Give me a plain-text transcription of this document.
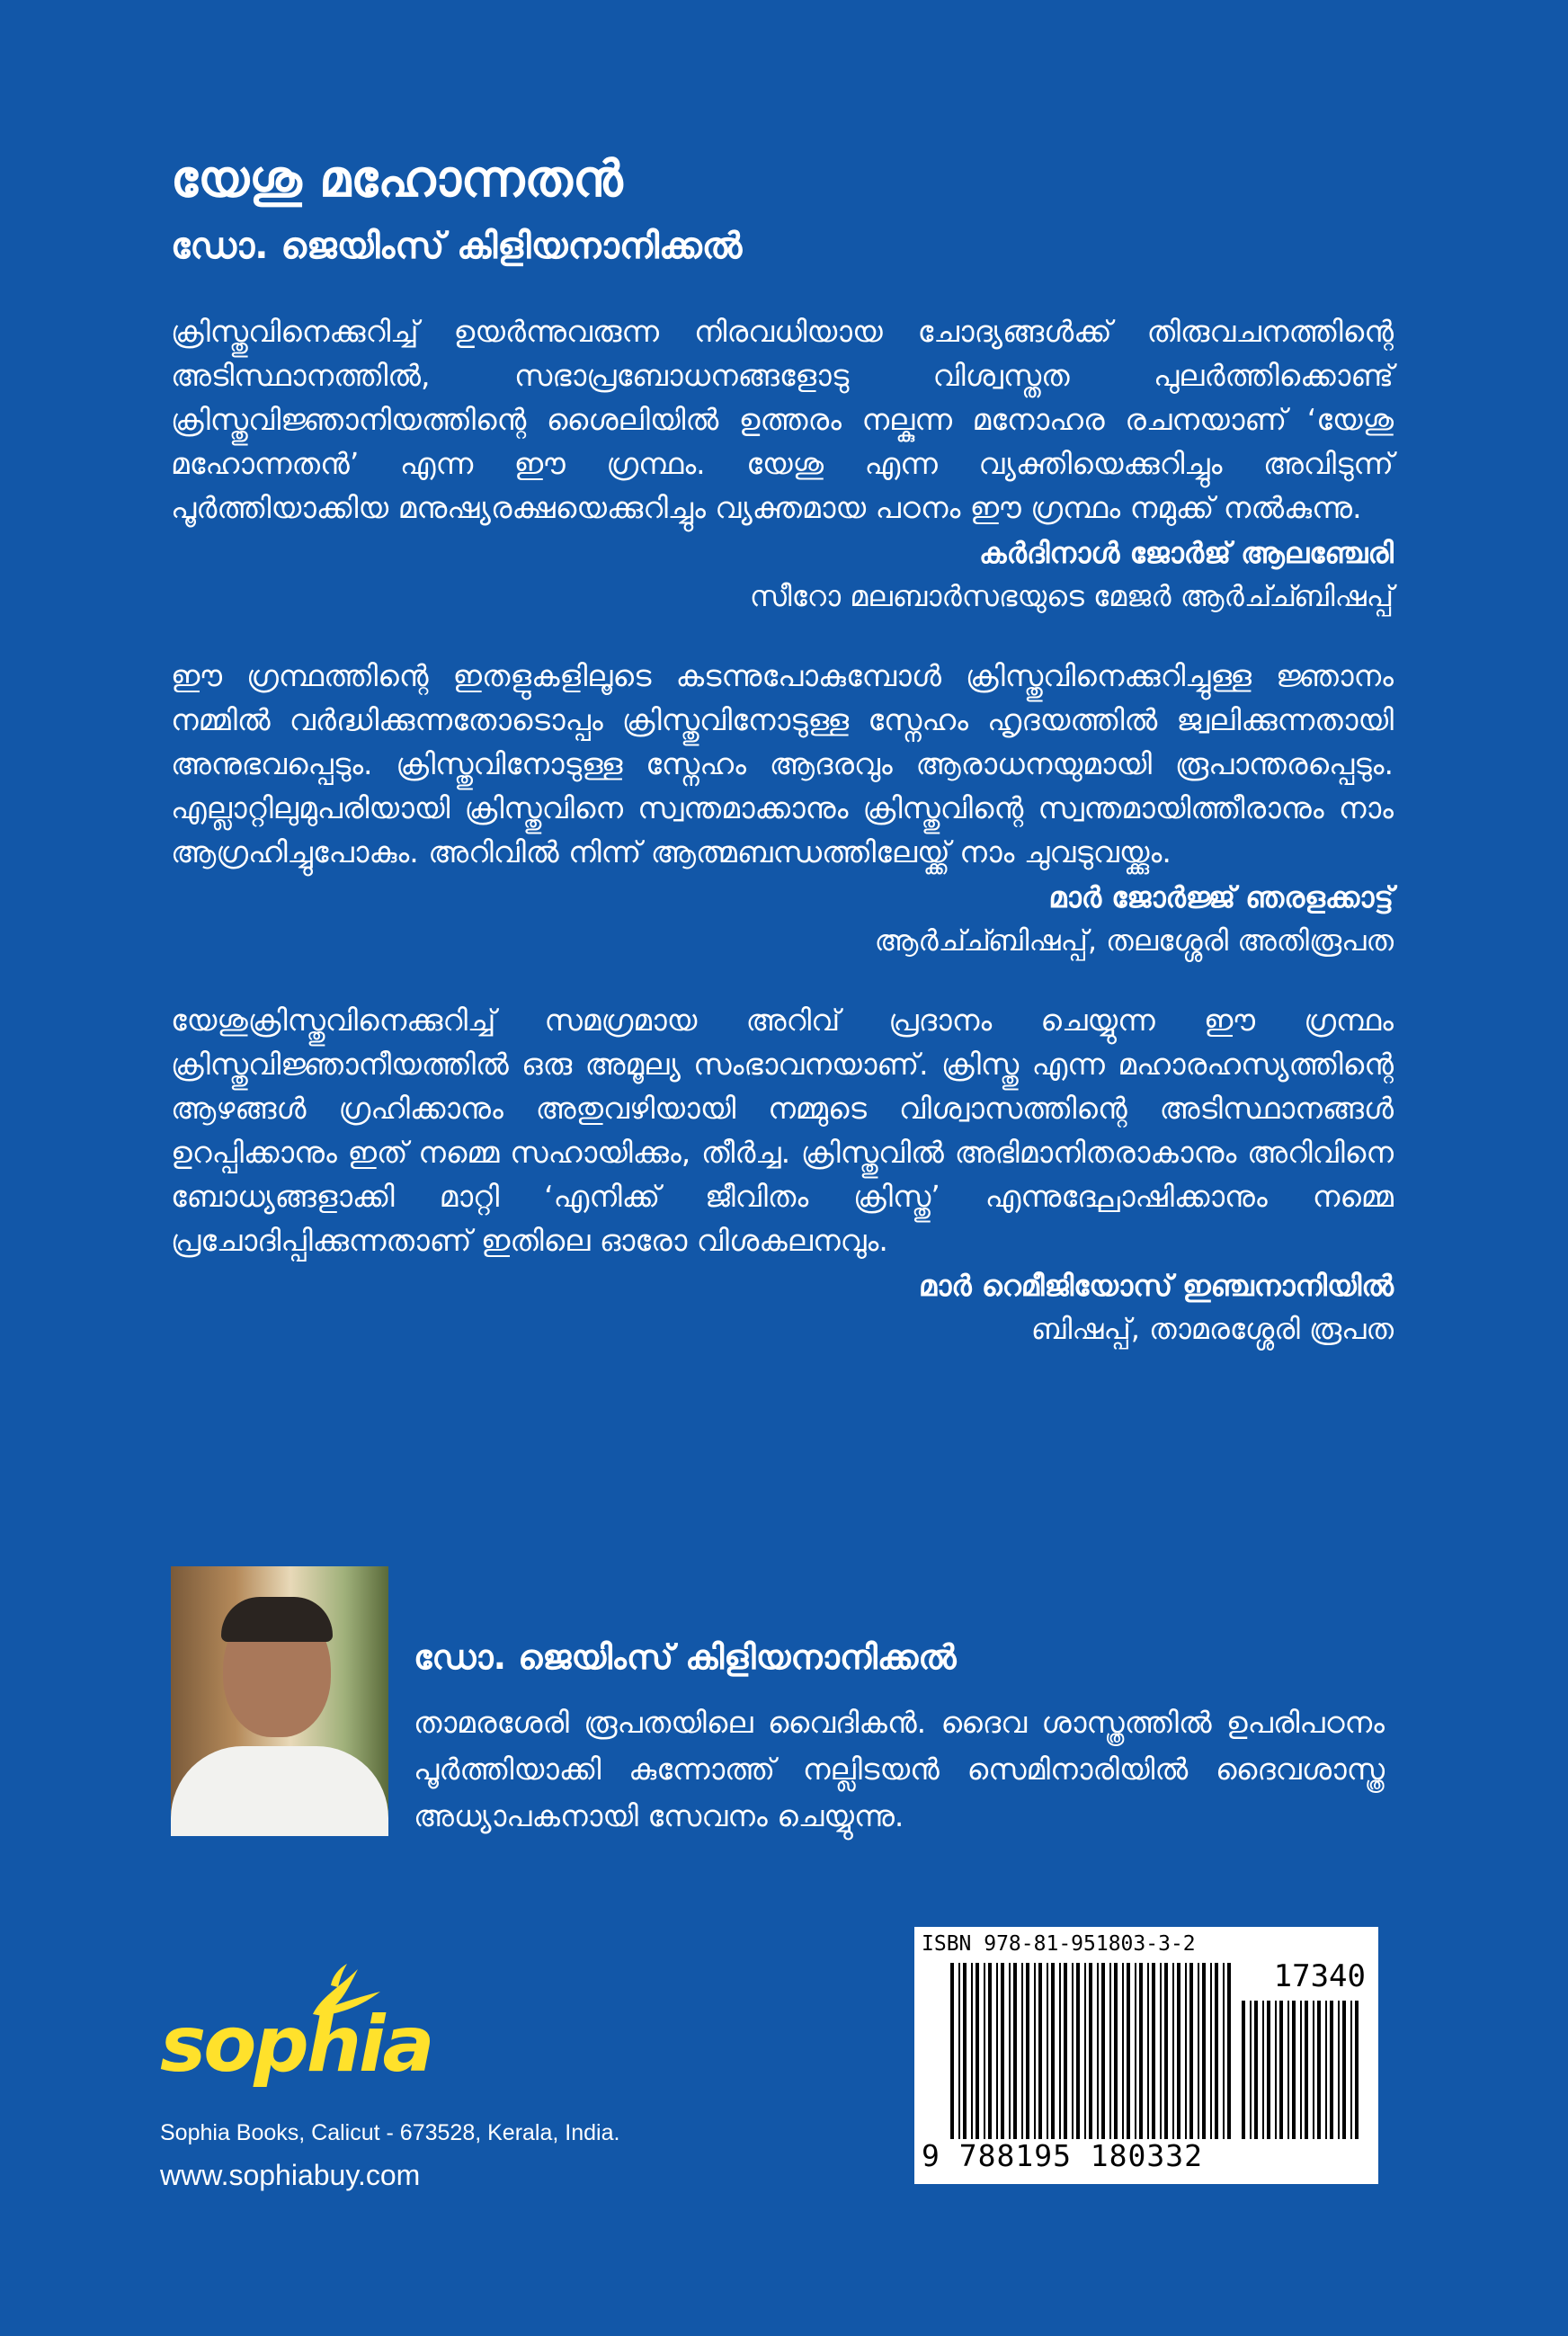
യേശു മഹോന്നതൻ
ഡോ. ജെയിംസ് കിളിയനാനിക്കൽ

ക്രിസ്തുവിനെക്കുറിച്ച് ഉയർന്നുവരുന്ന നിരവധിയായ ചോദ്യങ്ങൾക്ക് തിരുവചനത്തിന്റെ അടിസ്ഥാനത്തിൽ, സഭാപ്രബോധനങ്ങളോടു വിശ്വസ്തത പുലർത്തിക്കൊണ്ട് ക്രിസ്തുവിജ്ഞാനിയത്തിന്റെ ശൈലിയിൽ ഉത്തരം നല്കുന്ന മനോഹര രചനയാണ് ‘യേശു മഹോന്നതൻ’ എന്ന ഈ ഗ്രന്ഥം. യേശു എന്ന വ്യക്തിയെക്കുറിച്ചും അവിടുന്ന് പൂർത്തിയാക്കിയ മനുഷ്യരക്ഷയെക്കുറിച്ചും വ്യക്തമായ പഠനം ഈ ഗ്രന്ഥം നമുക്ക് നൽകുന്നു.

കർദിനാൾ ജോർജ് ആലഞ്ചേരി
സീറോ മലബാർസഭയുടെ മേജർ ആർച്ച്ബിഷപ്പ്

ഈ ഗ്രന്ഥത്തിന്റെ ഇതളുകളിലൂടെ കടന്നുപോകുമ്പോൾ ക്രിസ്തുവിനെക്കുറിച്ചുള്ള ജ്ഞാനം നമ്മിൽ വർദ്ധിക്കുന്നതോടൊപ്പം ക്രിസ്തുവിനോടുള്ള സ്നേഹം ഹൃദയത്തിൽ ജ്വലിക്കുന്നതായി അനുഭവപ്പെടും. ക്രിസ്തുവിനോടുള്ള സ്നേഹം ആദരവും ആരാധനയുമായി രൂപാന്തരപ്പെടും. എല്ലാറ്റിലുമുപരിയായി ക്രിസ്തുവിനെ സ്വന്തമാക്കാനും ക്രിസ്തുവിന്റെ സ്വന്തമായിത്തീരാനും നാം ആഗ്രഹിച്ചുപോകും. അറിവിൽ നിന്ന് ആത്മബന്ധത്തിലേയ്ക്ക് നാം ചുവടുവയ്ക്കും.

മാർ ജോർജ്ജ് ഞരളക്കാട്ട്
ആർച്ച്ബിഷപ്പ്, തലശ്ശേരി അതിരൂപത

യേശുക്രിസ്തുവിനെക്കുറിച്ച് സമഗ്രമായ അറിവ് പ്രദാനം ചെയ്യുന്ന ഈ ഗ്രന്ഥം ക്രിസ്തുവിജ്ഞാനീയത്തിൽ ഒരു അമൂല്യ സംഭാവനയാണ്. ക്രിസ്തു എന്ന മഹാരഹസ്യത്തിന്റെ ആഴങ്ങൾ ഗ്രഹിക്കാനും അതുവഴിയായി നമ്മുടെ വിശ്വാസത്തിന്റെ അടിസ്ഥാനങ്ങൾ ഉറപ്പിക്കാനും ഇത് നമ്മെ സഹായിക്കും, തീർച്ച. ക്രിസ്തുവിൽ അഭിമാനിതരാകാനും അറിവിനെ ബോധ്യങ്ങളാക്കി മാറ്റി ‘എനിക്ക് ജീവിതം ക്രിസ്തു’ എന്നുദ്ഘോഷിക്കാനും നമ്മെ പ്രചോദിപ്പിക്കുന്നതാണ് ഇതിലെ ഓരോ വിശകലനവും.

മാർ റെമീജിയോസ് ഇഞ്ചനാനിയിൽ
ബിഷപ്പ്, താമരശ്ശേരി രൂപത
ഡോ. ജെയിംസ് കിളിയനാനിക്കൽ
താമരശേരി രൂപതയിലെ വൈദികൻ. ദൈവ ശാസ്ത്രത്തിൽ ഉപരിപഠനം പൂർത്തിയാക്കി കുന്നോത്ത് നല്ലിടയൻ സെമിനാരിയിൽ ദൈവശാസ്ത്ര അധ്യാപകനായി സേവനം ചെയ്യുന്നു.
sophia
Sophia Books, Calicut - 673528, Kerala, India.
www.sophiabuy.com
ISBN 978-81-951803-3-2
17340
9 788195 180332
